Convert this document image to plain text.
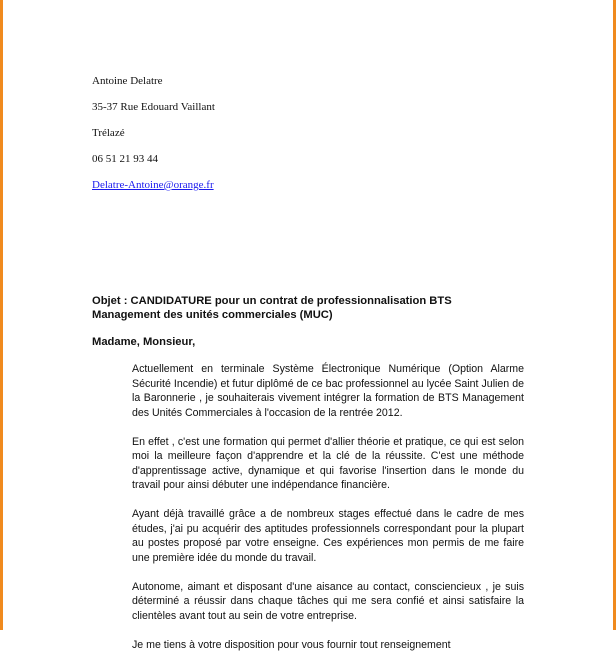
Antoine Delatre
35-37 Rue Edouard Vaillant
Trélazé
06 51 21 93 44
Delatre-Antoine@orange.fr
Objet : CANDIDATURE pour un contrat de professionnalisation BTS
Management des unités commerciales (MUC)
Madame, Monsieur,

Actuellement en terminale Système Électronique Numérique (Option Alarme Sécurité Incendie) et futur diplômé de ce bac professionnel au lycée Saint Julien de la Baronnerie , je souhaiterais vivement intégrer la formation de BTS Management des Unités Commerciales à l'occasion de la rentrée 2012.

En effet , c'est une formation qui permet d'allier théorie et pratique, ce qui est selon moi la meilleure façon d'apprendre et la clé de la réussite. C'est une méthode d'apprentissage active, dynamique et qui favorise l'insertion dans le monde du travail pour ainsi débuter une indépendance financière.

Ayant déjà travaillé grâce a de nombreux stages effectué dans le cadre de mes études, j'ai pu acquérir des aptitudes professionnels correspondant pour la plupart au postes proposé par votre enseigne. Ces expériences mon permis de me faire une première idée du monde du travail.

Autonome, aimant et disposant d'une aisance au contact, consciencieux , je suis déterminé a réussir dans chaque tâches qui me sera confié et ainsi satisfaire la clientèles avant tout au sein de votre entreprise.

Je me tiens à votre disposition pour vous fournir tout renseignement
